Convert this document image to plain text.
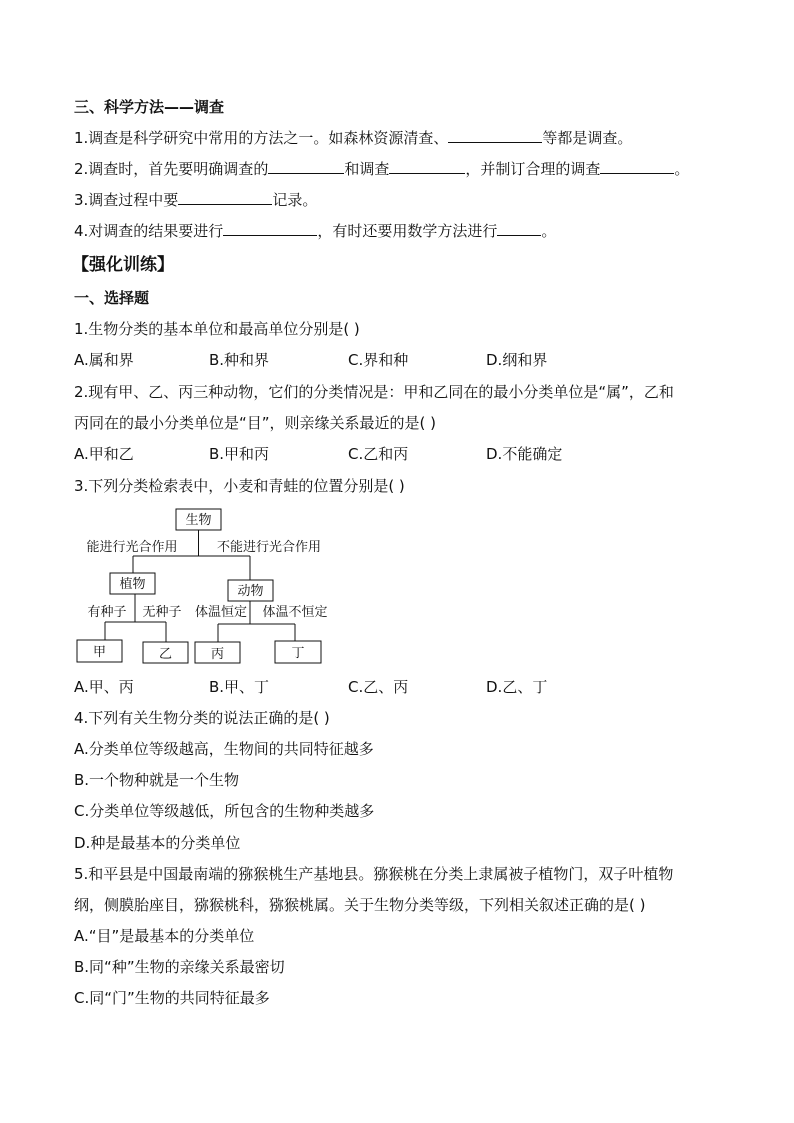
三、科学方法——调查
1.调查是科学研究中常用的方法之一。如森林资源清查、	等都是调查。
2.调查时，首先要明确调查的	和调查	，并制订合理的调查	。
3.调查过程中要	记录。
4.对调查的结果要进行	，有时还要用数学方法进行	。
【强化训练】
一、选择题
1.生物分类的基本单位和最高单位分别是( )
A.属和界	B.种和界	C.界和种	D.纲和界
2.现有甲、乙、丙三种动物，它们的分类情况是：甲和乙同在的最小分类单位是“属”，乙和
丙同在的最小分类单位是“目”，则亲缘关系最近的是( )
A.甲和乙	B.甲和丙	C.乙和丙	D.不能确定
3.下列分类检索表中，小麦和青蛙的位置分别是( )
生物
能进行光合作用	不能进行光合作用
植物
有种子 无种子
动物
体温恒定 体温不恒定
甲	乙	丙	丁
A.甲、丙	B.甲、丁	C.乙、丙	D.乙、丁
4.下列有关生物分类的说法正确的是( )
A.分类单位等级越高，生物间的共同特征越多
B.一个物种就是一个生物
C.分类单位等级越低，所包含的生物种类越多
D.种是最基本的分类单位
5.和平县是中国最南端的猕猴桃生产基地县。猕猴桃在分类上隶属被子植物门，双子叶植物
纲，侧膜胎座目，猕猴桃科，猕猴桃属。关于生物分类等级，下列相关叙述正确的是( )
A.“目”是最基本的分类单位
B.同“种”生物的亲缘关系最密切
C.同“门”生物的共同特征最多
